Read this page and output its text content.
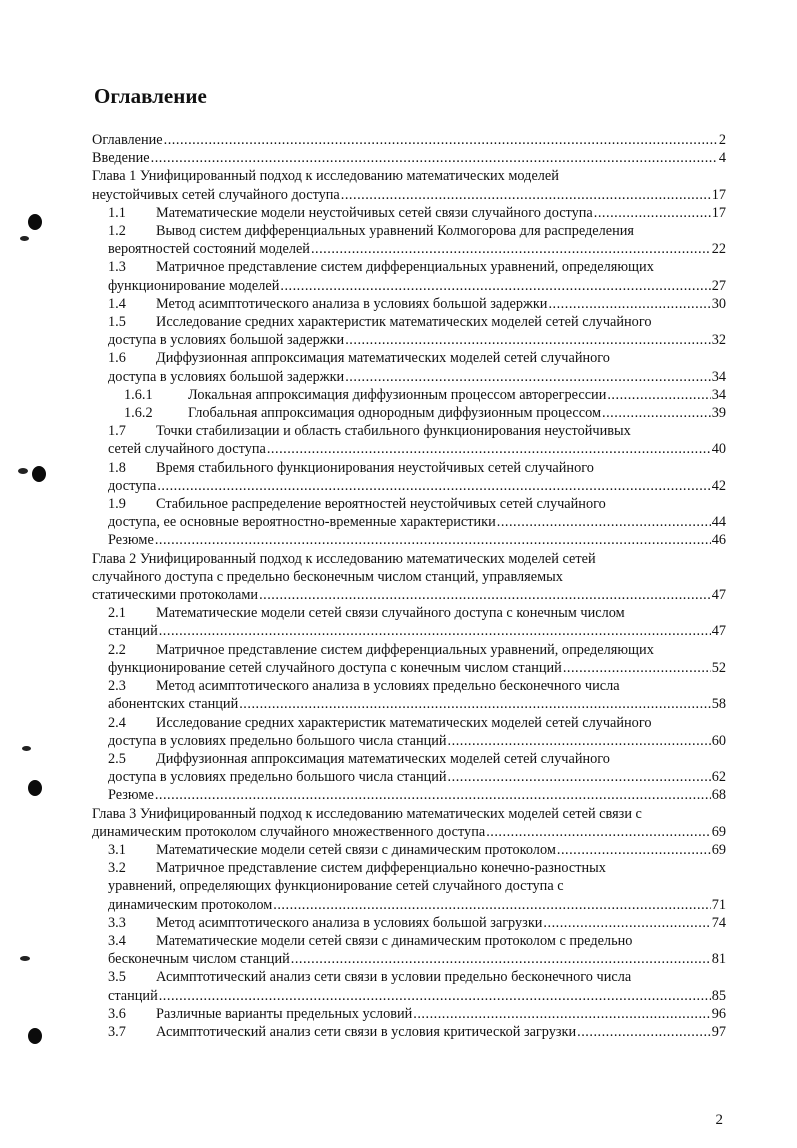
Оглавление
Оглавление .....	2
Введение .....	4
Глава 1 Унифицированный подход к исследованию математических моделей
неустойчивых сетей случайного доступа .....	17
1.1	Математические модели неустойчивых сетей связи случайного доступа .....	17
1.2	Вывод систем дифференциальных уравнений Колмогорова для распределения
вероятностей состояний моделей .....	22
1.3	Матричное представление систем дифференциальных уравнений, определяющих
функционирование моделей .....	27
1.4	Метод асимптотического анализа в условиях большой задержки .....	30
1.5	Исследование средних характеристик математических моделей сетей случайного
доступа в условиях большой задержки .....	32
1.6	Диффузионная аппроксимация математических моделей сетей случайного
доступа в условиях большой задержки .....	34
1.6.1	Локальная аппроксимация диффузионным процессом авторегрессии .....	34
1.6.2	Глобальная аппроксимация однородным диффузионным процессом .....	39
1.7	Точки стабилизации и область стабильного функционирования неустойчивых
сетей случайного доступа .....	40
1.8	Время стабильного функционирования неустойчивых сетей случайного
доступа .....	42
1.9	Стабильное распределение вероятностей неустойчивых сетей случайного
доступа, ее основные вероятностно-временные характеристики .....	44
Резюме .....	46
Глава 2 Унифицированный подход к исследованию математических моделей сетей
случайного доступа с предельно бесконечным числом станций, управляемых
статическими протоколами .....	47
2.1	Математические модели сетей связи случайного доступа с конечным числом
станций .....	47
2.2	Матричное представление систем дифференциальных уравнений, определяющих
функционирование сетей случайного доступа с конечным числом станций .....	52
2.3	Метод асимптотического анализа в условиях предельно бесконечного числа
абонентских станций .....	58
2.4	Исследование средних характеристик математических моделей сетей случайного
доступа в условиях предельно большого числа станций .....	60
2.5	Диффузионная аппроксимация математических моделей сетей случайного
доступа в условиях предельно большого числа станций .....	62
Резюме .....	68
Глава 3 Унифицированный подход к исследованию математических моделей сетей связи с
динамическим протоколом случайного множественного доступа .....	69
3.1	Математические модели сетей связи с динамическим протоколом .....	69
3.2	Матричное представление систем дифференциально конечно-разностных
уравнений, определяющих функционирование сетей случайного доступа с
динамическим протоколом .....	71
3.3	Метод асимптотического анализа в условиях большой загрузки .....	74
3.4	Математические модели сетей связи с динамическим протоколом с предельно
бесконечным числом станций .....	81
3.5	Асимптотический анализ сети связи в условии предельно бесконечного числа
станций .....	85
3.6	Различные варианты предельных условий .....	96
3.7	Асимптотический анализ сети связи в условия критической загрузки .....	97
2
